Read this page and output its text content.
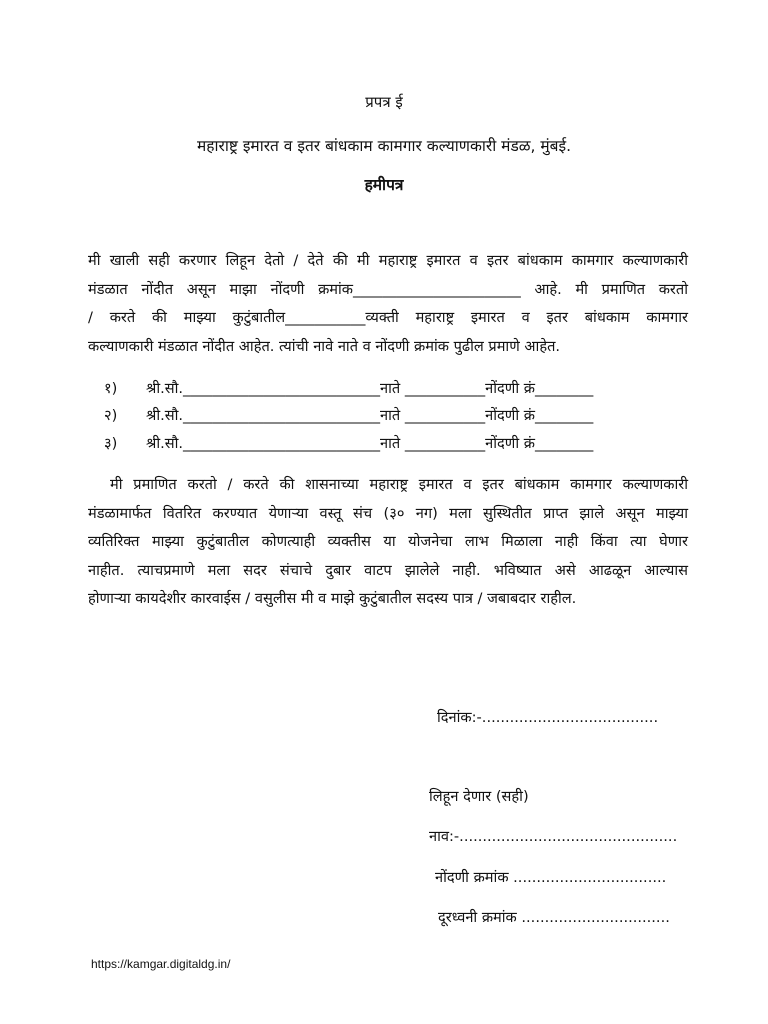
प्रपत्र ई
महाराष्ट्र इमारत व इतर बांधकाम कामगार कल्याणकारी मंडळ, मुंबई.
हमीपत्र
मी खाली सही करणार लिहून देतो / देते की मी महाराष्ट्र इमारत व इतर बांधकाम कामगार कल्याणकारी
मंडळात नोंदीत असून माझा नोंदणी क्रमांक_______________________ आहे. मी प्रमाणित करतो
/ करते की माझ्या कुटुंबातील___________व्यक्ती महाराष्ट्र इमारत व इतर बांधकाम कामगार
कल्याणकारी मंडळात नोंदीत आहेत. त्यांची नावे नाते व नोंदणी क्रमांक पुढील प्रमाणे आहेत.
१) श्री.सौ.___________________________नाते ___________नोंदणी क्रं________
२) श्री.सौ.___________________________नाते ___________नोंदणी क्रं________
३) श्री.सौ.___________________________नाते ___________नोंदणी क्रं________
मी प्रमाणित करतो / करते की शासनाच्या महाराष्ट्र इमारत व इतर बांधकाम कामगार कल्याणकारी
मंडळामार्फत वितरित करण्यात येणाऱ्या वस्तू संच (३० नग) मला सुस्थितीत प्राप्त झाले असून माझ्या
व्यतिरिक्त माझ्या कुटुंबातील कोणत्याही व्यक्तीस या योजनेचा लाभ मिळाला नाही किंवा त्या घेणार
नाहीत. त्याचप्रमाणे मला सदर संचाचे दुबार वाटप झालेले नाही. भविष्यात असे आढळून आल्यास
होणाऱ्या कायदेशीर कारवाईस / वसुलीस मी व माझे कुटुंबातील सदस्य पात्र / जबाबदार राहील.
दिनांक:-......................................
लिहून देणार (सही)
नाव:-...............................................
नोंदणी क्रमांक .................................
दूरध्वनी क्रमांक ................................
https://kamgar.digitaldg.in/
